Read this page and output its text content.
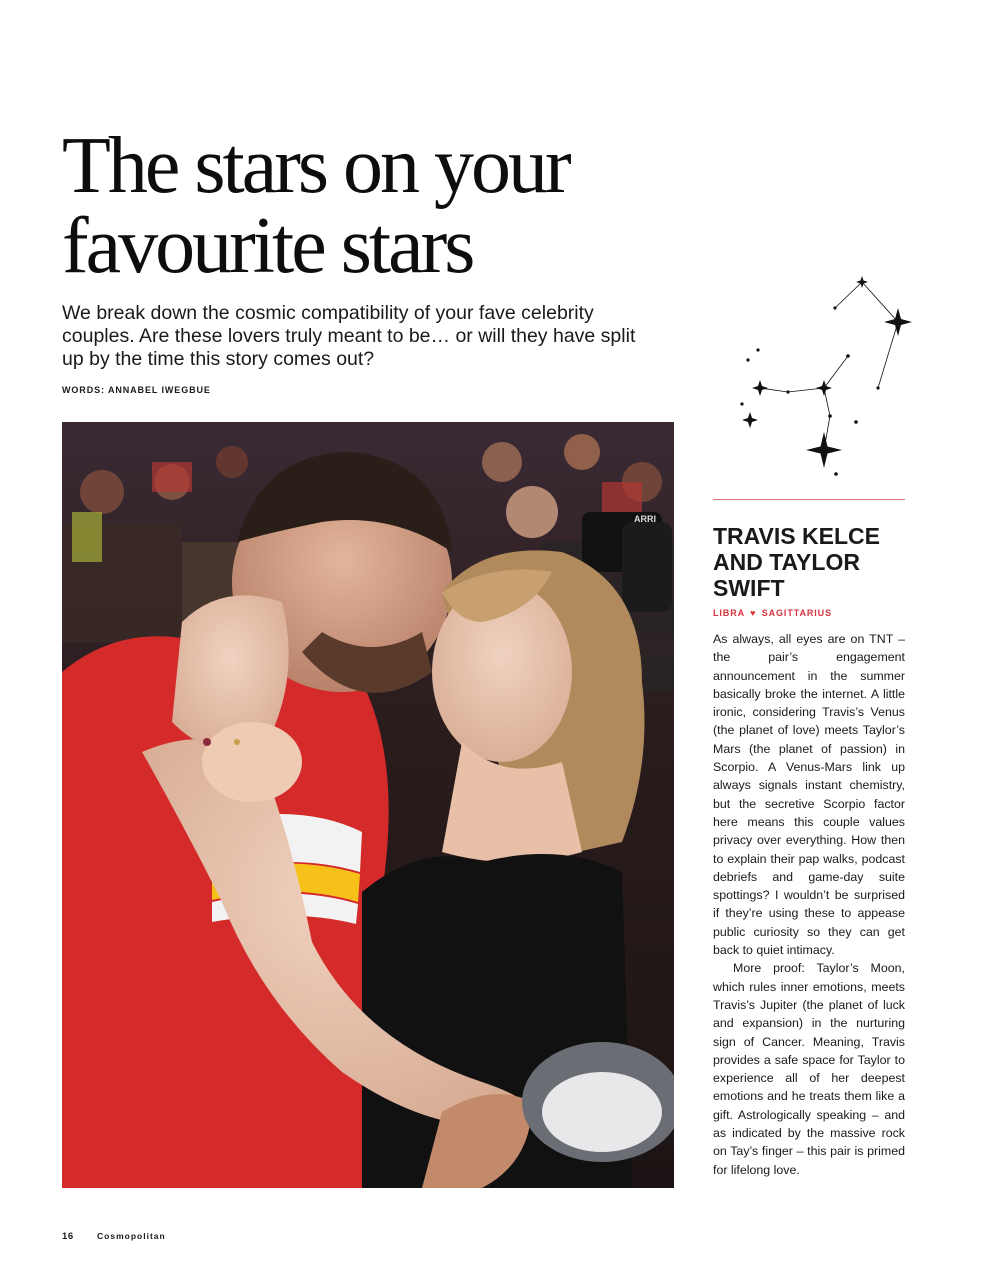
The stars on your
favourite stars

We break down the cosmic compatibility of your fave celebrity couples. Are these lovers truly meant to be… or will they have split up by the time this story comes out?

WORDS: ANNABEL IWEGBUE
ARRI
TRAVIS KELCE
AND TAYLOR
SWIFT
LIBRA ♥ SAGITTARIUS

As always, all eyes are on TNT – the pair’s engagement announcement in the summer basically broke the internet. A little ironic, considering Travis’s Venus (the planet of love) meets Taylor’s Mars (the planet of passion) in Scorpio. A Venus-Mars link up always signals instant chemistry, but the secretive Scorpio factor here means this couple values privacy over everything. How then to explain their pap walks, podcast debriefs and game-day suite spottings? I wouldn’t be surprised if they’re using these to appease public curiosity so they can get back to quiet intimacy.

More proof: Taylor’s Moon, which rules inner emotions, meets Travis’s Jupiter (the planet of luck and expansion) in the nurturing sign of Cancer. Meaning, Travis provides a safe space for Taylor to experience all of her deepest emotions and he treats them like a gift. Astrologically speaking – and as indicated by the massive rock on Tay’s finger – this pair is primed for lifelong love.

16	Cosmopolitan
